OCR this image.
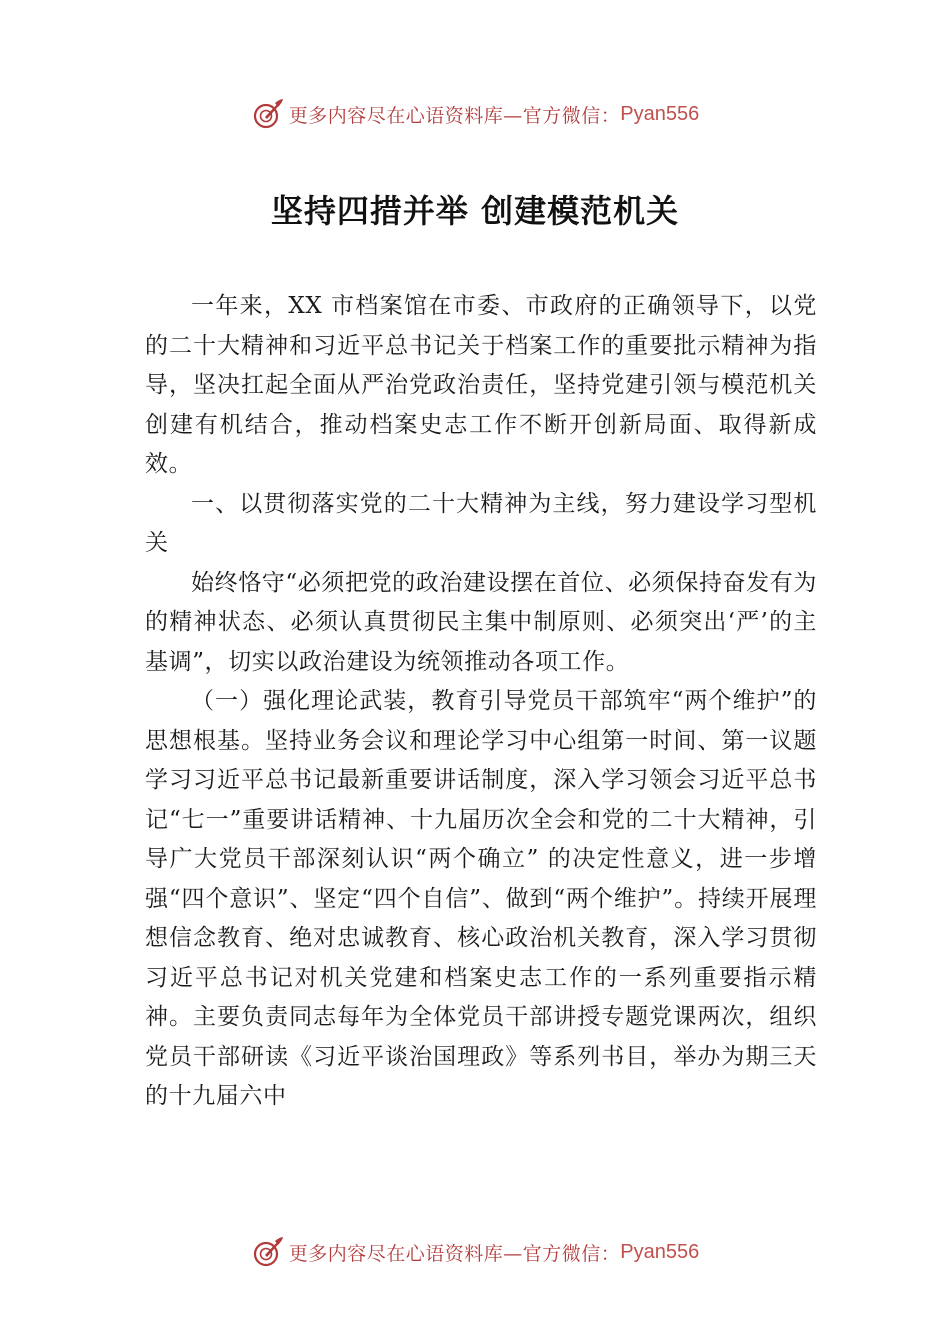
更多内容尽在心语资料库—官方微信： Pyan556
坚持四措并举 创建模范机关

一年来，XX 市档案馆在市委、市政府的正确领导下，以党的二十大精神和习近平总书记关于档案工作的重要批示精神为指导，坚决扛起全面从严治党政治责任，坚持党建引领与模范机关创建有机结合，推动档案史志工作不断开创新局面、取得新成效。

一、以贯彻落实党的二十大精神为主线，努力建设学习型机关

始终恪守“必须把党的政治建设摆在首位、必须保持奋发有为的精神状态、必须认真贯彻民主集中制原则、必须突出‘严’的主基调”，切实以政治建设为统领推动各项工作。

（一）强化理论武装，教育引导党员干部筑牢“两个维护”的思想根基。坚持业务会议和理论学习中心组第一时间、第一议题学习习近平总书记最新重要讲话制度，深入学习领会习近平总书记“七一”重要讲话精神、十九届历次全会和党的二十大精神，引导广大党员干部深刻认识“两个确立” 的决定性意义，进一步增强“四个意识”、坚定“四个自信”、做到“两个维护”。持续开展理想信念教育、绝对忠诚教育、核心政治机关教育，深入学习贯彻习近平总书记对机关党建和档案史志工作的一系列重要指示精神。主要负责同志每年为全体党员干部讲授专题党课两次，组织党员干部研读《习近平谈治国理政》等系列书目，举办为期三天的十九届六中

更多内容尽在心语资料库—官方微信： Pyan556
